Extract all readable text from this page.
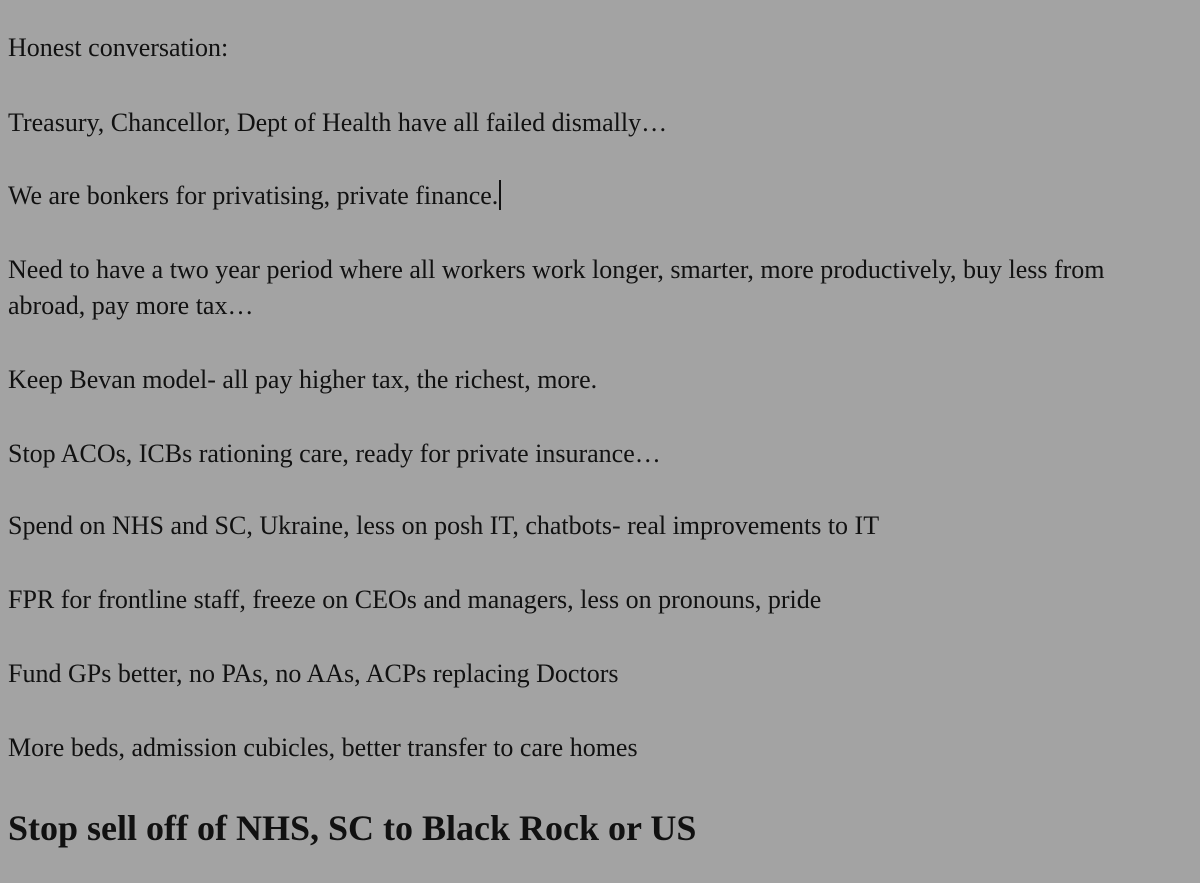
Honest conversation:

Treasury, Chancellor, Dept of Health have all failed dismally…

We are bonkers for privatising, private finance.

Need to have a two year period where all workers work longer, smarter, more productively, buy less from abroad, pay more tax…

Keep Bevan model- all pay higher tax, the richest, more.

Stop ACOs, ICBs rationing care, ready for private insurance…

Spend on NHS and SC, Ukraine, less on posh IT, chatbots- real improvements to IT

FPR for frontline staff, freeze on CEOs and managers, less on pronouns, pride

Fund GPs better, no PAs, no AAs, ACPs replacing Doctors

More beds, admission cubicles, better transfer to care homes

Stop sell off of NHS, SC to Black Rock or US
